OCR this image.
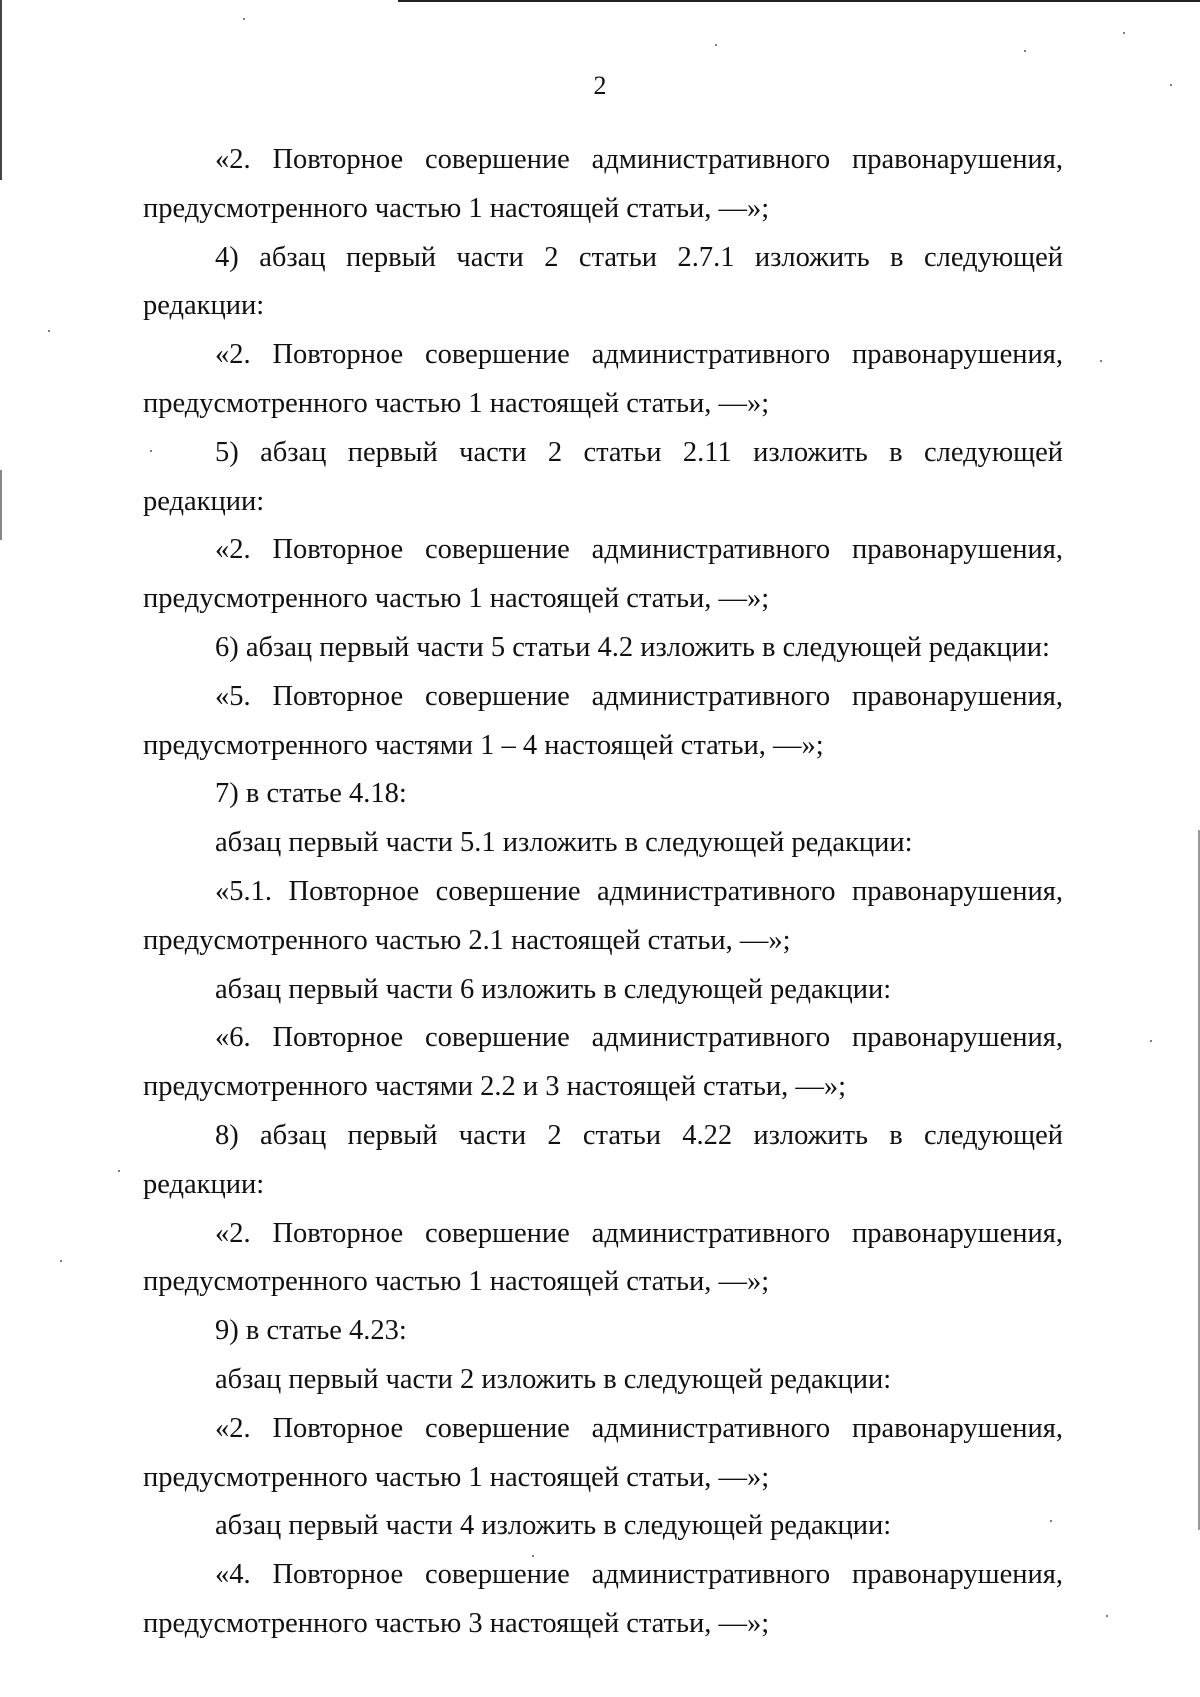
2

«2. Повторное совершение административного правонарушения, предусмотренного частью 1 настоящей статьи, —»;

4) абзац первый части 2 статьи 2.7.1 изложить в следующей редакции:

«2. Повторное совершение административного правонарушения, предусмотренного частью 1 настоящей статьи, —»;

5) абзац первый части 2 статьи 2.11 изложить в следующей редакции:

«2. Повторное совершение административного правонарушения, предусмотренного частью 1 настоящей статьи, —»;

6) абзац первый части 5 статьи 4.2 изложить в следующей редакции:

«5. Повторное совершение административного правонарушения, предусмотренного частями 1 – 4 настоящей статьи, —»;

7) в статье 4.18:

абзац первый части 5.1 изложить в следующей редакции:

«5.1. Повторное совершение административного правонарушения, предусмотренного частью 2.1 настоящей статьи, —»;

абзац первый части 6 изложить в следующей редакции:

«6. Повторное совершение административного правонарушения, предусмотренного частями 2.2 и 3 настоящей статьи, —»;

8) абзац первый части 2 статьи 4.22 изложить в следующей редакции:

«2. Повторное совершение административного правонарушения, предусмотренного частью 1 настоящей статьи, —»;

9) в статье 4.23:

абзац первый части 2 изложить в следующей редакции:

«2. Повторное совершение административного правонарушения, предусмотренного частью 1 настоящей статьи, —»;

абзац первый части 4 изложить в следующей редакции:

«4. Повторное совершение административного правонарушения, предусмотренного частью 3 настоящей статьи, —»;
